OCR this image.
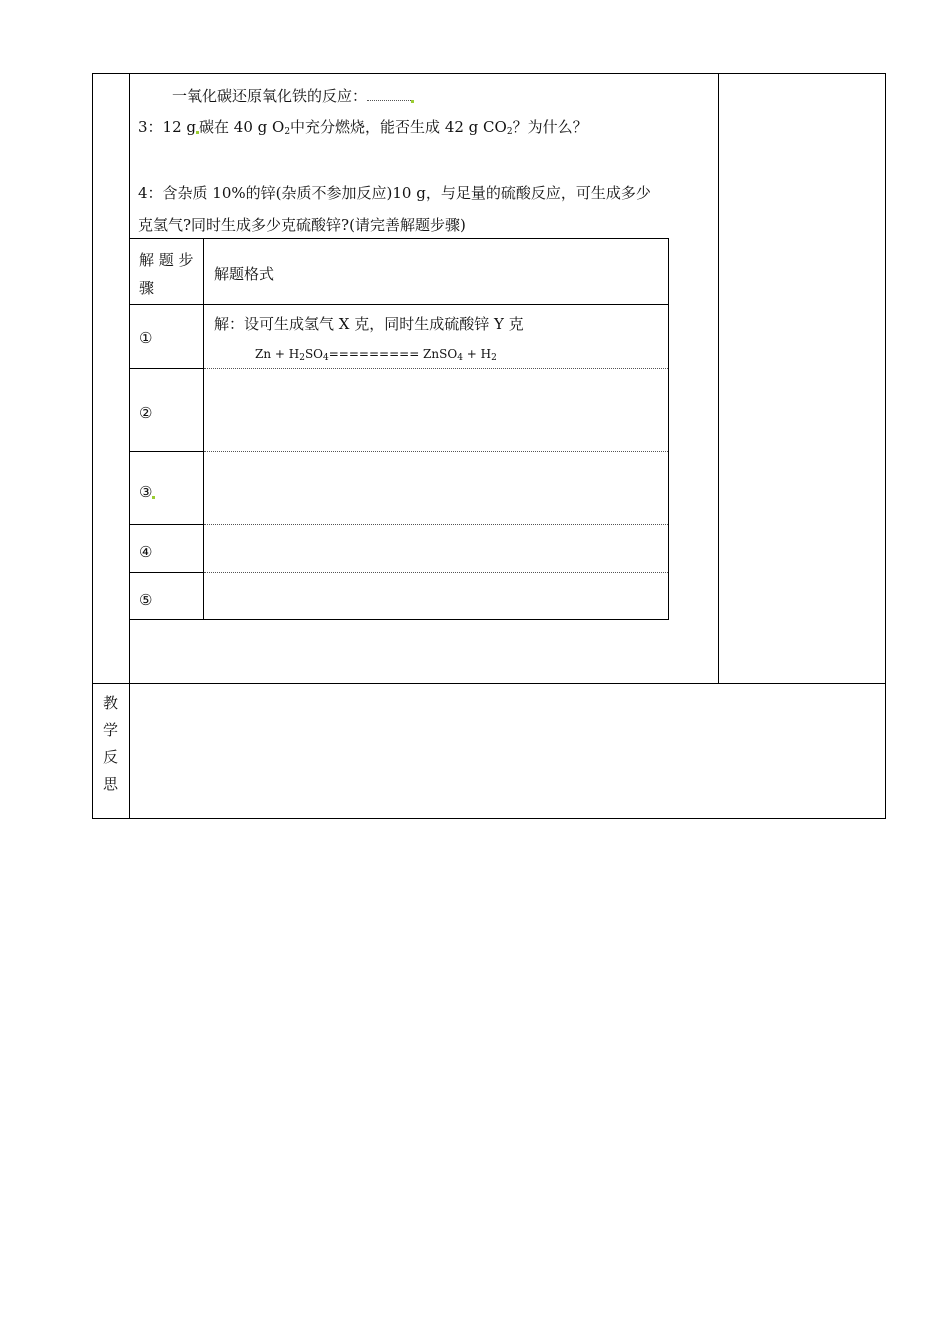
一氧化碳还原氧化铁的反应：
3：12 g 碳在 40 g $O_2$中充分燃烧，能否生成 42 g $CO_2$？为什么？
4：含杂质 10%的锌(杂质不参加反应)10 g，与足量的硫酸反应，可生成多少
克氢气?同时生成多少克硫酸锌?(请完善解题步骤)
解 题 步
骤
解题格式
①
解：设可生成氢气 X 克，同时生成硫酸锌 Y 克
$Zn + H_2SO_4=========$ ZnSO$_4$ + $H_2$
②
③
④
⑤
教
学
反
思
